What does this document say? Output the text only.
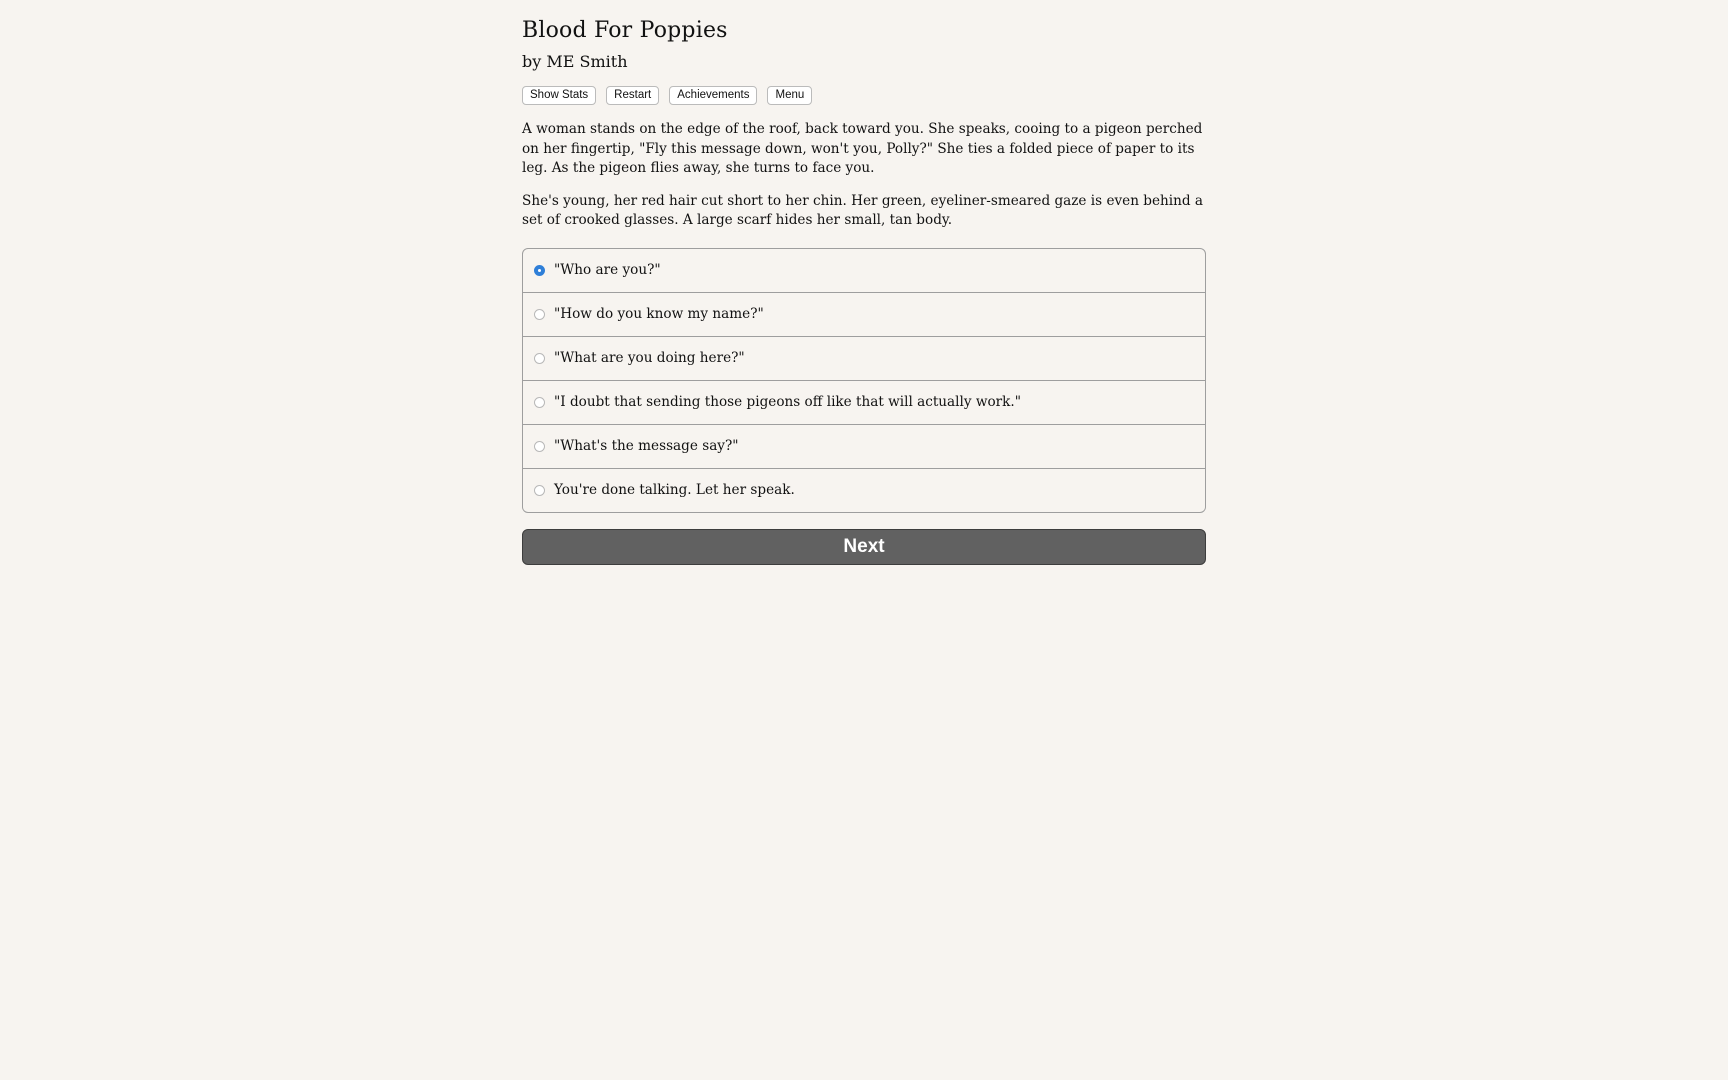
Blood For Poppies
by ME Smith
Show Stats	Restart	Achievements	Menu

A woman stands on the edge of the roof, back toward you. She speaks, cooing to a pigeon perched on her fingertip, "Fly this message down, won't you, Polly?" She ties a folded piece of paper to its leg. As the pigeon flies away, she turns to face you.

She's young, her red hair cut short to her chin. Her green, eyeliner-smeared gaze is even behind a set of crooked glasses. A large scarf hides her small, tan body.

"Who are you?"
"How do you know my name?"
"What are you doing here?"
"I doubt that sending those pigeons off like that will actually work."
"What's the message say?"
You're done talking. Let her speak.
Next
